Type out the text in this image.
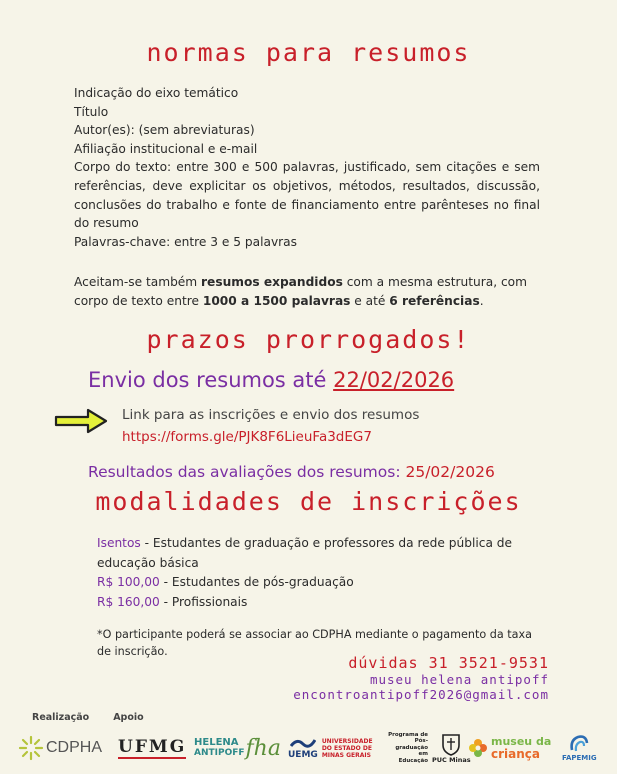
normas para resumos
Indicação do eixo temático
Título
Autor(es): (sem abreviaturas)
Afiliação institucional e e-mail
Corpo do texto: entre 300 e 500 palavras, justificado, sem citações e sem referências, deve explicitar os objetivos, métodos, resultados, discussão, conclusões do trabalho e fonte de financiamento entre parênteses no final do resumo
Palavras-chave: entre 3 e 5 palavras
Aceitam-se também resumos expandidos com a mesma estrutura, com corpo de texto entre 1000 a 1500 palavras e até 6 referências.
prazos prorrogados!
Envio dos resumos até 22/02/2026
Link para as inscrições e envio dos resumos
https://forms.gle/PJK8F6LieuFa3dEG7
Resultados das avaliações dos resumos: 25/02/2026
modalidades de inscrições
Isentos - Estudantes de graduação e professores da rede pública de educação básica
R$ 100,00 - Estudantes de pós-graduação
R$ 160,00 - Profissionais
*O participante poderá se associar ao CDPHA mediante o pagamento da taxa de inscrição.
dúvidas 31 3521-9531
museu helena antipoff
encontroantipoff2026@gmail.com
Realização	Apoio
CDPHA UFMG HELENA
ANTIPOFF fha UEMG
UNIVERSIDADE DO ESTADO DE MINAS GERAIS
Programa de Pós-graduação em Educação PUC Minas
museu da
criança	FAPEMIG
